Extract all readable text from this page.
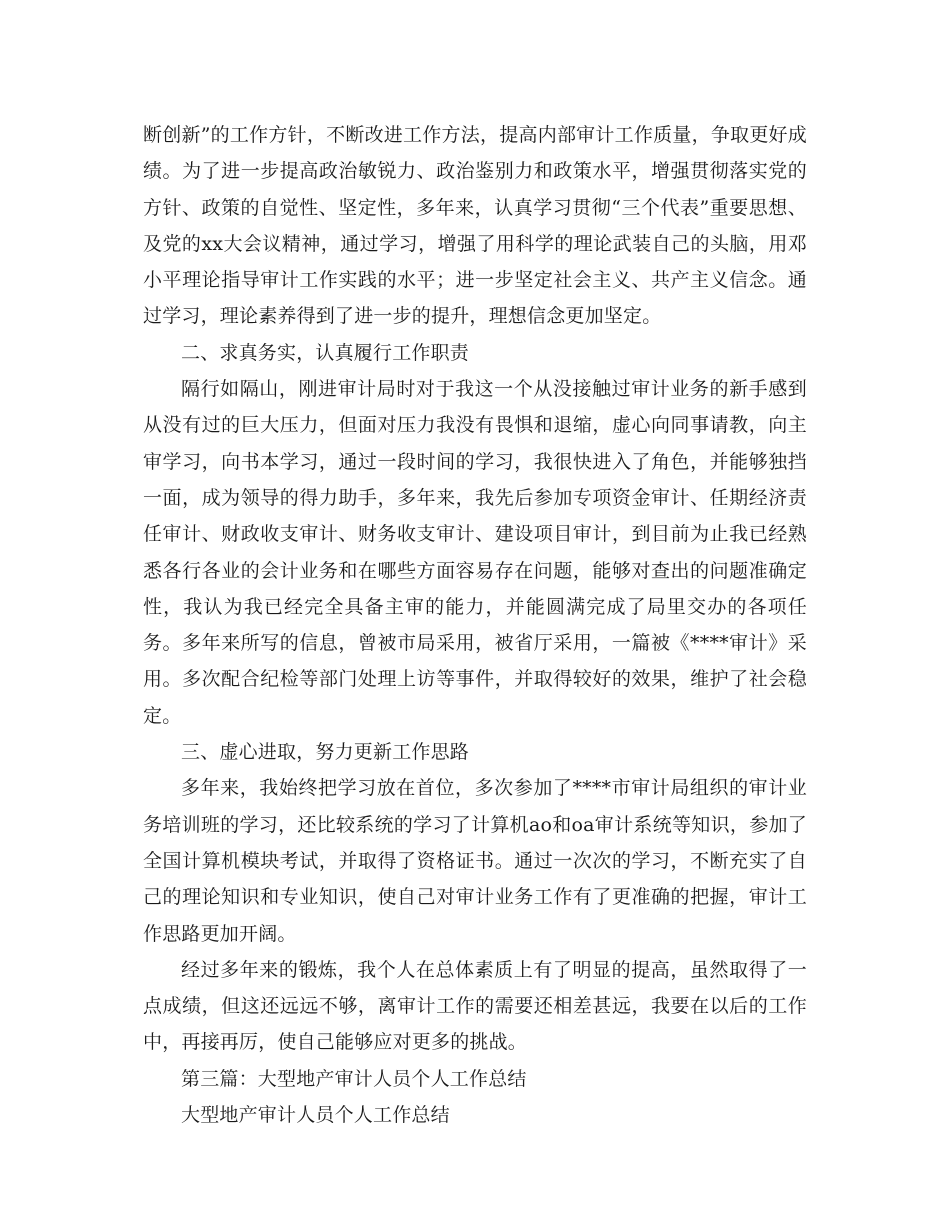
断创新”的工作方针，不断改进工作方法，提高内部审计工作质量，争取更好成绩。为了进一步提高政治敏锐力、政治鉴别力和政策水平，增强贯彻落实党的方针、政策的自觉性、坚定性，多年来，认真学习贯彻“三个代表”重要思想、及党的xx大会议精神，通过学习，增强了用科学的理论武装自己的头脑，用邓小平理论指导审计工作实践的水平；进一步坚定社会主义、共产主义信念。通过学习，理论素养得到了进一步的提升，理想信念更加坚定。

二、求真务实，认真履行工作职责

隔行如隔山，刚进审计局时对于我这一个从没接触过审计业务的新手感到从没有过的巨大压力，但面对压力我没有畏惧和退缩，虚心向同事请教，向主审学习，向书本学习，通过一段时间的学习，我很快进入了角色，并能够独挡一面，成为领导的得力助手，多年来，我先后参加专项资金审计、任期经济责任审计、财政收支审计、财务收支审计、建设项目审计，到目前为止我已经熟悉各行各业的会计业务和在哪些方面容易存在问题，能够对查出的问题准确定性，我认为我已经完全具备主审的能力，并能圆满完成了局里交办的各项任务。多年来所写的信息，曾被市局采用，被省厅采用，一篇被《****审计》采用。多次配合纪检等部门处理上访等事件，并取得较好的效果，维护了社会稳定。

三、虚心进取，努力更新工作思路

多年来，我始终把学习放在首位，多次参加了****市审计局组织的审计业务培训班的学习，还比较系统的学习了计算机ao和oa审计系统等知识，参加了全国计算机模块考试，并取得了资格证书。通过一次次的学习，不断充实了自己的理论知识和专业知识，使自己对审计业务工作有了更准确的把握，审计工作思路更加开阔。

经过多年来的锻炼，我个人在总体素质上有了明显的提高，虽然取得了一点成绩，但这还远远不够，离审计工作的需要还相差甚远，我要在以后的工作中，再接再厉，使自己能够应对更多的挑战。

第三篇：大型地产审计人员个人工作总结

大型地产审计人员个人工作总结
